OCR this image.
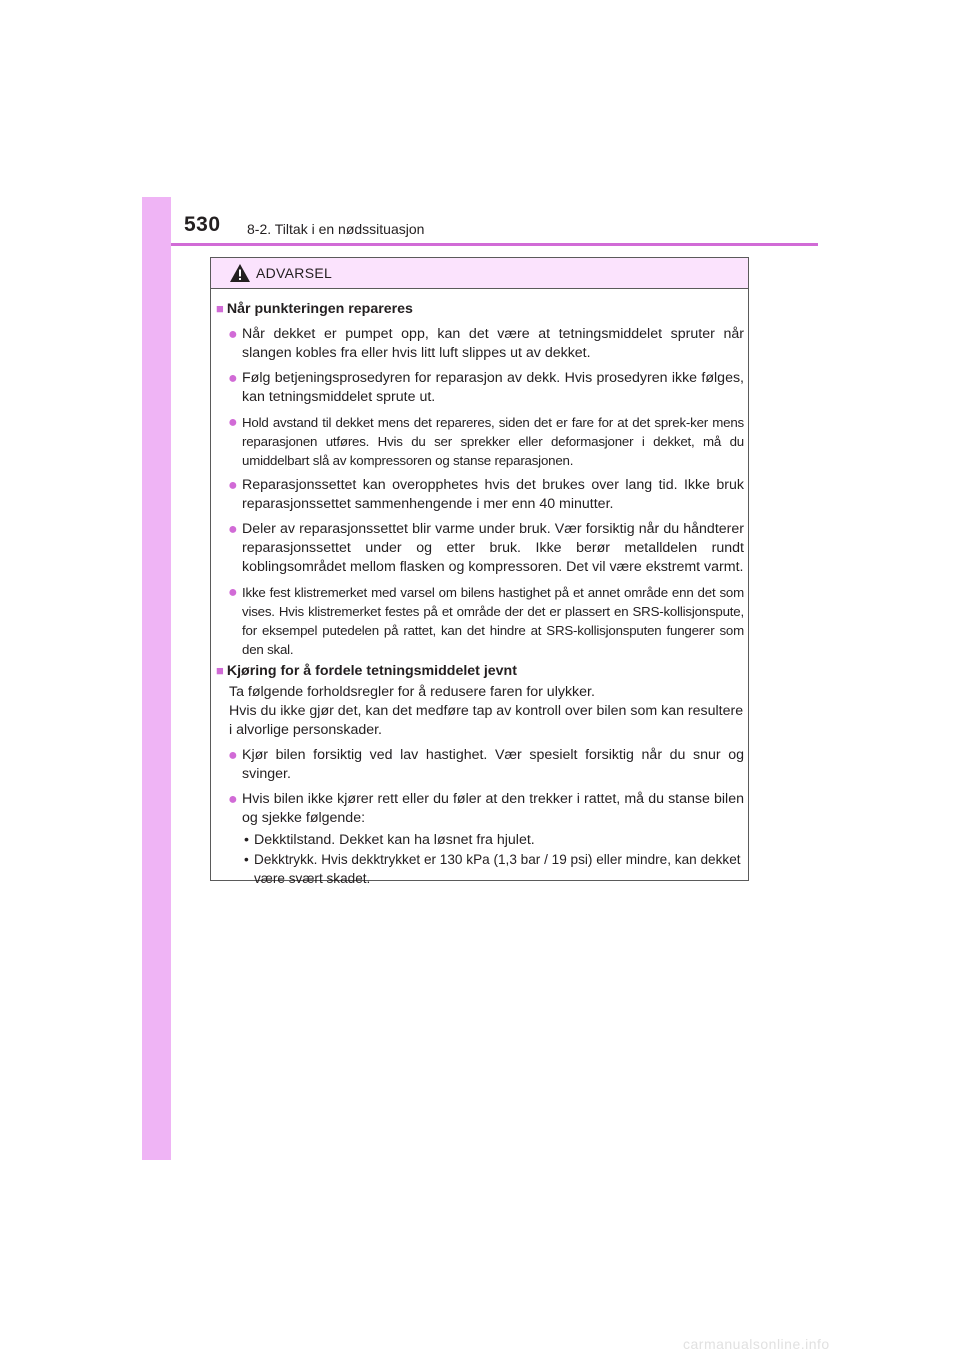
530 8-2. Tiltak i en nødssituasjon
ADVARSEL
■ Når punkteringen repareres
● Når dekket er pumpet opp, kan det være at tetningsmiddelet spruter når slangen kobles fra eller hvis litt luft slippes ut av dekket.
● Følg betjeningsprosedyren for reparasjon av dekk. Hvis prosedyren ikke følges, kan tetningsmiddelet sprute ut.
● Hold avstand til dekket mens det repareres, siden det er fare for at det sprek-ker mens reparasjonen utføres. Hvis du ser sprekker eller deformasjoner i dekket, må du umiddelbart slå av kompressoren og stanse reparasjonen.
● Reparasjonssettet kan overopphetes hvis det brukes over lang tid. Ikke bruk reparasjonssettet sammenhengende i mer enn 40 minutter.
● Deler av reparasjonssettet blir varme under bruk. Vær forsiktig når du håndterer reparasjonssettet under og etter bruk. Ikke berør metalldelen rundt koblingsområdet mellom flasken og kompressoren. Det vil være ekstremt varmt.
● Ikke fest klistremerket med varsel om bilens hastighet på et annet område enn det som vises. Hvis klistremerket festes på et område der det er plassert en SRS-kollisjonspute, for eksempel putedelen på rattet, kan det hindre at SRS-kollisjonsputen fungerer som den skal.
■ Kjøring for å fordele tetningsmiddelet jevnt
Ta følgende forholdsregler for å redusere faren for ulykker.
Hvis du ikke gjør det, kan det medføre tap av kontroll over bilen som kan resultere i alvorlige personskader.
● Kjør bilen forsiktig ved lav hastighet. Vær spesielt forsiktig når du snur og svinger.
● Hvis bilen ikke kjører rett eller du føler at den trekker i rattet, må du stanse bilen og sjekke følgende:
• Dekktilstand. Dekket kan ha løsnet fra hjulet.
• Dekktrykk. Hvis dekktrykket er 130 kPa (1,3 bar / 19 psi) eller mindre, kan dekket være svært skadet.
carmanualsonline.info
